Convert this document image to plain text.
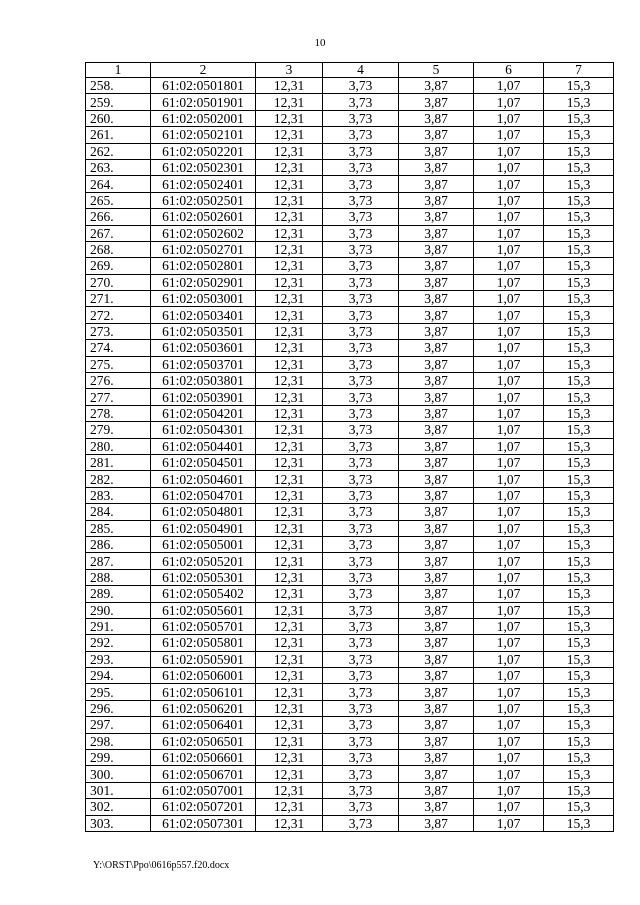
10
1	2	3	4	5	6	7
258.	61:02:0501801	12,31	3,73	3,87	1,07	15,3
259.	61:02:0501901	12,31	3,73	3,87	1,07	15,3
260.	61:02:0502001	12,31	3,73	3,87	1,07	15,3
261.	61:02:0502101	12,31	3,73	3,87	1,07	15,3
262.	61:02:0502201	12,31	3,73	3,87	1,07	15,3
263.	61:02:0502301	12,31	3,73	3,87	1,07	15,3
264.	61:02:0502401	12,31	3,73	3,87	1,07	15,3
265.	61:02:0502501	12,31	3,73	3,87	1,07	15,3
266.	61:02:0502601	12,31	3,73	3,87	1,07	15,3
267.	61:02:0502602	12,31	3,73	3,87	1,07	15,3
268.	61:02:0502701	12,31	3,73	3,87	1,07	15,3
269.	61:02:0502801	12,31	3,73	3,87	1,07	15,3
270.	61:02:0502901	12,31	3,73	3,87	1,07	15,3
271.	61:02:0503001	12,31	3,73	3,87	1,07	15,3
272.	61:02:0503401	12,31	3,73	3,87	1,07	15,3
273.	61:02:0503501	12,31	3,73	3,87	1,07	15,3
274.	61:02:0503601	12,31	3,73	3,87	1,07	15,3
275.	61:02:0503701	12,31	3,73	3,87	1,07	15,3
276.	61:02:0503801	12,31	3,73	3,87	1,07	15,3
277.	61:02:0503901	12,31	3,73	3,87	1,07	15,3
278.	61:02:0504201	12,31	3,73	3,87	1,07	15,3
279.	61:02:0504301	12,31	3,73	3,87	1,07	15,3
280.	61:02:0504401	12,31	3,73	3,87	1,07	15,3
281.	61:02:0504501	12,31	3,73	3,87	1,07	15,3
282.	61:02:0504601	12,31	3,73	3,87	1,07	15,3
283.	61:02:0504701	12,31	3,73	3,87	1,07	15,3
284.	61:02:0504801	12,31	3,73	3,87	1,07	15,3
285.	61:02:0504901	12,31	3,73	3,87	1,07	15,3
286.	61:02:0505001	12,31	3,73	3,87	1,07	15,3
287.	61:02:0505201	12,31	3,73	3,87	1,07	15,3
288.	61:02:0505301	12,31	3,73	3,87	1,07	15,3
289.	61:02:0505402	12,31	3,73	3,87	1,07	15,3
290.	61:02:0505601	12,31	3,73	3,87	1,07	15,3
291.	61:02:0505701	12,31	3,73	3,87	1,07	15,3
292.	61:02:0505801	12,31	3,73	3,87	1,07	15,3
293.	61:02:0505901	12,31	3,73	3,87	1,07	15,3
294.	61:02:0506001	12,31	3,73	3,87	1,07	15,3
295.	61:02:0506101	12,31	3,73	3,87	1,07	15,3
296.	61:02:0506201	12,31	3,73	3,87	1,07	15,3
297.	61:02:0506401	12,31	3,73	3,87	1,07	15,3
298.	61:02:0506501	12,31	3,73	3,87	1,07	15,3
299.	61:02:0506601	12,31	3,73	3,87	1,07	15,3
300.	61:02:0506701	12,31	3,73	3,87	1,07	15,3
301.	61:02:0507001	12,31	3,73	3,87	1,07	15,3
302.	61:02:0507201	12,31	3,73	3,87	1,07	15,3
303.	61:02:0507301	12,31	3,73	3,87	1,07	15,3
Y:\ORST\Ppo\0616p557.f20.docx
